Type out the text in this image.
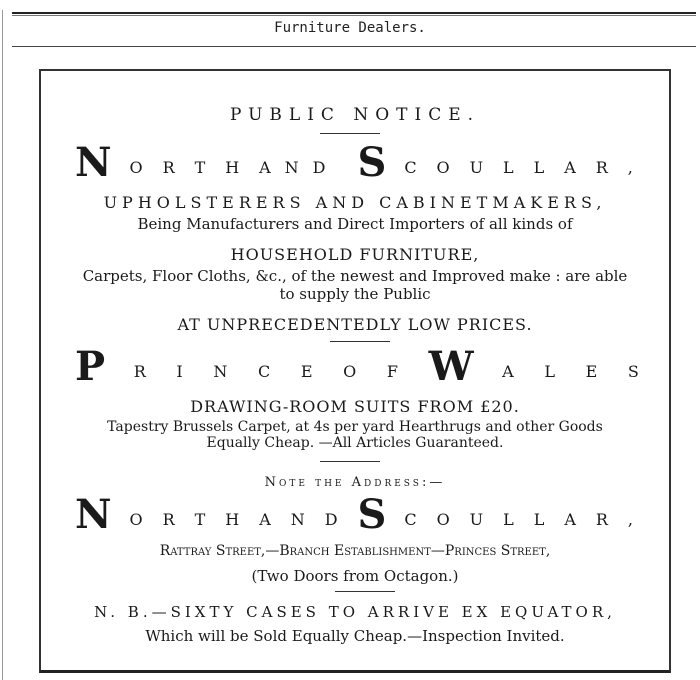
Furniture Dealers.
PUBLIC NOTICE.
N O R T H AND S C O U L L A R ,
UPHOLSTERERS AND CABINETMAKERS,
Being Manufacturers and Direct Importers of all kinds of
HOUSEHOLD FURNITURE,
Carpets, Floor Cloths, &c., of the newest and Improved make : are able
to supply the Public
AT UNPRECEDENTEDLY LOW PRICES.
P R I N C E O F W A L E S
DRAWING-ROOM SUITS FROM £20.
Tapestry Brussels Carpet, at 4s per yard Hearthrugs and other Goods
Equally Cheap. —All Articles Guaranteed.
Note the Address:—
N O R T H A N D S C O U L L A R ,
Rattray Street,—Branch Establishment—Princes Street,
(Two Doors from Octagon.)
N. B.—SIXTY CASES TO ARRIVE EX EQUATOR,
Which will be Sold Equally Cheap.—Inspection Invited.
